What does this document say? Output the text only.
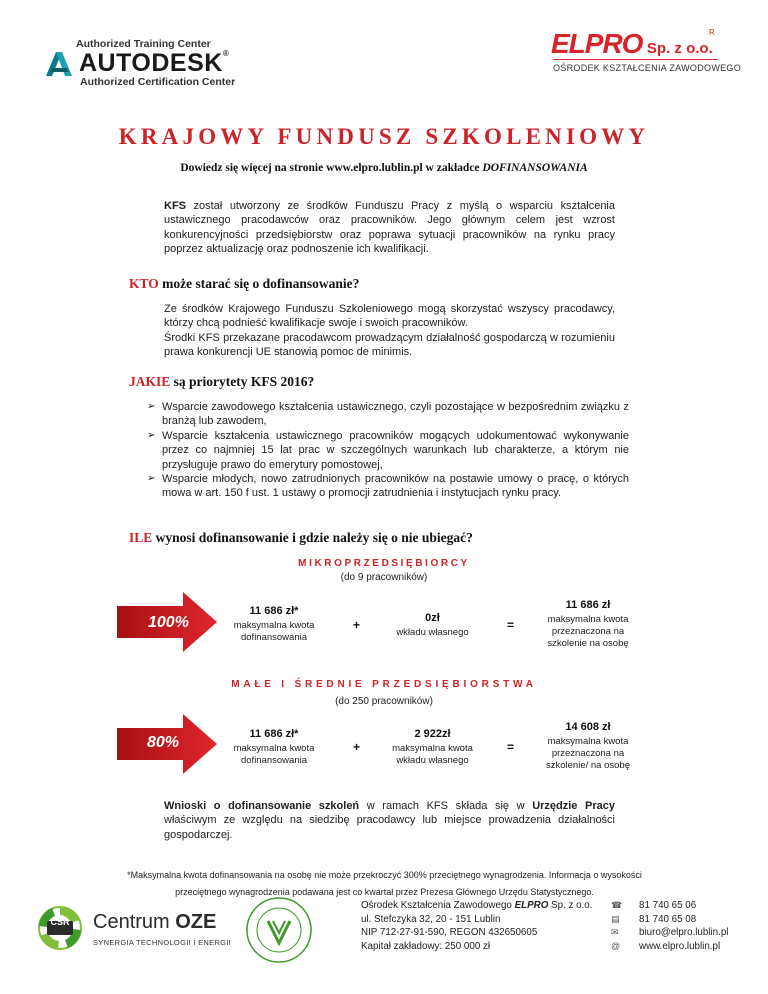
Authorized Training Center
AUTODESK®
Authorized Certification Center
ELPRO Sp. z o.o.
R
OŚRODEK KSZTAŁCENIA ZAWODOWEGO
KRAJOWY FUNDUSZ SZKOLENIOWY
Dowiedz się więcej na stronie www.elpro.lublin.pl w zakładce DOFINANSOWANIA
KFS został utworzony ze środków Funduszu Pracy z myślą o wsparciu kształcenia ustawicznego pracodawców oraz pracowników. Jego głównym celem jest wzrost konkurencyjności przedsiębiorstw oraz poprawa sytuacji pracowników na rynku pracy poprzez aktualizację oraz podnoszenie ich kwalifikacji.
KTO może starać się o dofinansowanie?
Ze środków Krajowego Funduszu Szkoleniowego mogą skorzystać wszyscy pracodawcy, którzy chcą podnieść kwalifikacje swoje i swoich pracowników.
Środki KFS przekazane pracodawcom prowadzącym działalność gospodarczą w rozumieniu prawa konkurencji UE stanowią pomoc de minimis.
JAKIE są priorytety KFS 2016?
➢ Wsparcie zawodowego kształcenia ustawicznego, czyli pozostające w bezpośrednim związku z branżą lub zawodem,
➢ Wsparcie kształcenia ustawicznego pracowników mogących udokumentować wykonywanie przez co najmniej 15 lat prac w szczególnych warunkach lub charakterze, a którym nie przysługuje prawo do emerytury pomostowej,
➢ Wsparcie młodych, nowo zatrudnionych pracowników na postawie umowy o pracę, o których mowa w art. 150 f ust. 1 ustawy o promocji zatrudnienia i instytucjach rynku pracy.
ILE wynosi dofinansowanie i gdzie należy się o nie ubiegać?
MIKROPRZEDSIĘBIORCY
(do 9 pracowników)
100%
11 686 zł*
maksymalna kwota dofinansowania
+	0zł
wkładu własnego
=
11 686 zł
maksymalna kwota przeznaczona na szkolenie na osobę
MAŁE I ŚREDNIE PRZEDSIĘBIORSTWA
(do 250 pracowników)
80%	11 686 zł*
maksymalna kwota dofinansowania
+
2 922zł
maksymalna kwota wkładu własnego
=
14 608 zł
maksymalna kwota przeznaczona na szkolenie/ na osobę
Wnioski o dofinansowanie szkoleń w ramach KFS składa się w Urzędzie Pracy właściwym ze względu na siedzibę pracodawcy lub miejsce prowadzenia działalności gospodarczej.
*Maksymalna kwota dofinansowania na osobę nie może przekroczyć 300% przeciętnego wynagrodzenia. Informacja o wysokości przeciętnego wynagrodzenia podawana jest co kwartał przez Prezesa Głównego Urzędu Statystycznego.
CSR	Centrum OZE
SYNERGIA TECHNOLOGII I ENERGII
Ośrodek Kształcenia Zawodowego ELPRO Sp. z o.o.
ul. Stefczyka 32, 20 - 151 Lublin
NIP 712-27-91-590, REGON 432650605
Kapitał zakładowy: 250 000 zł
☎ 81 740 65 06
▤	81 740 65 08
✉	biuro@elpro.lublin.pl
@	www.elpro.lublin.pl
